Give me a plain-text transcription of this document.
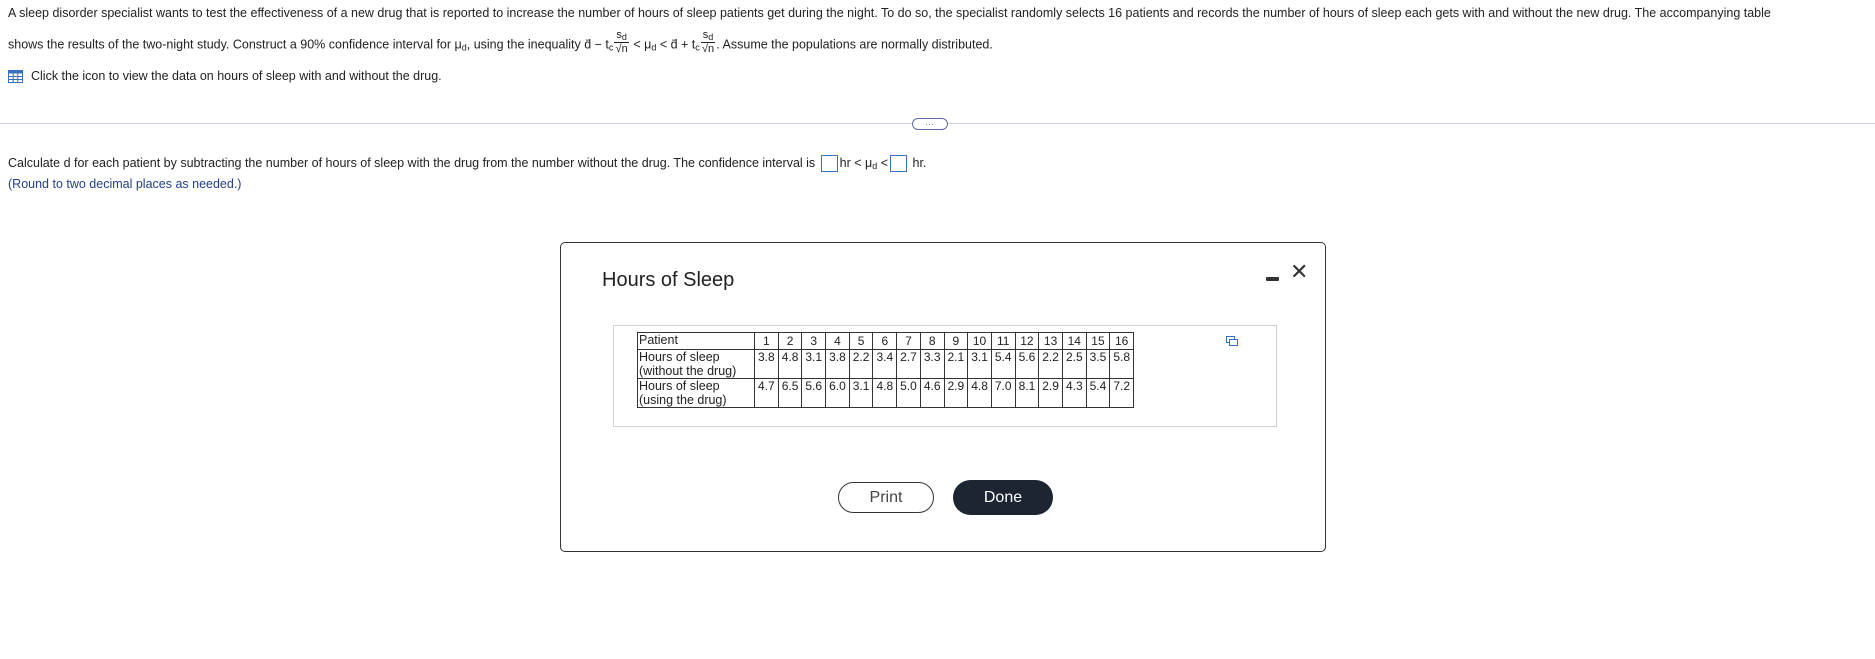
A sleep disorder specialist wants to test the effectiveness of a new drug that is reported to increase the number of hours of sleep patients get during the night. To do so, the specialist randomly selects 16 patients and records the number of hours of sleep each gets with and without the new drug. The accompanying table
shows the results of the two-night study. Construct a 90% confidence interval for $\mu_d$, using the inequality d̄ − $t_c \frac{s_d}{√n} < \mu_d$ < d̄ + $t_c \frac{s_d}{√n}$ . Assume the populations are normally distributed.
Click the icon to view the data on hours of sleep with and without the drug.
…
Calculate d for each patient by subtracting the number of hours of sleep with the drug from the number without the drug. The confidence interval is hr < $\mu_d$ < hr.
(Round to two decimal places as needed.)
Hours of Sleep	✕
Patient	1	2	3	4	5	6	7	8	9	10	11	12	13	14	15	16
Hours of sleep (without the drug)	3.8	4.8	3.1	3.8	2.2	3.4	2.7	3.3	2.1	3.1	5.4	5.6	2.2	2.5	3.5	5.8
Hours of sleep (using the drug)	4.7	6.5	5.6	6.0	3.1	4.8	5.0	4.6	2.9	4.8	7.0	8.1	2.9	4.3	5.4	7.2
Print	Done
